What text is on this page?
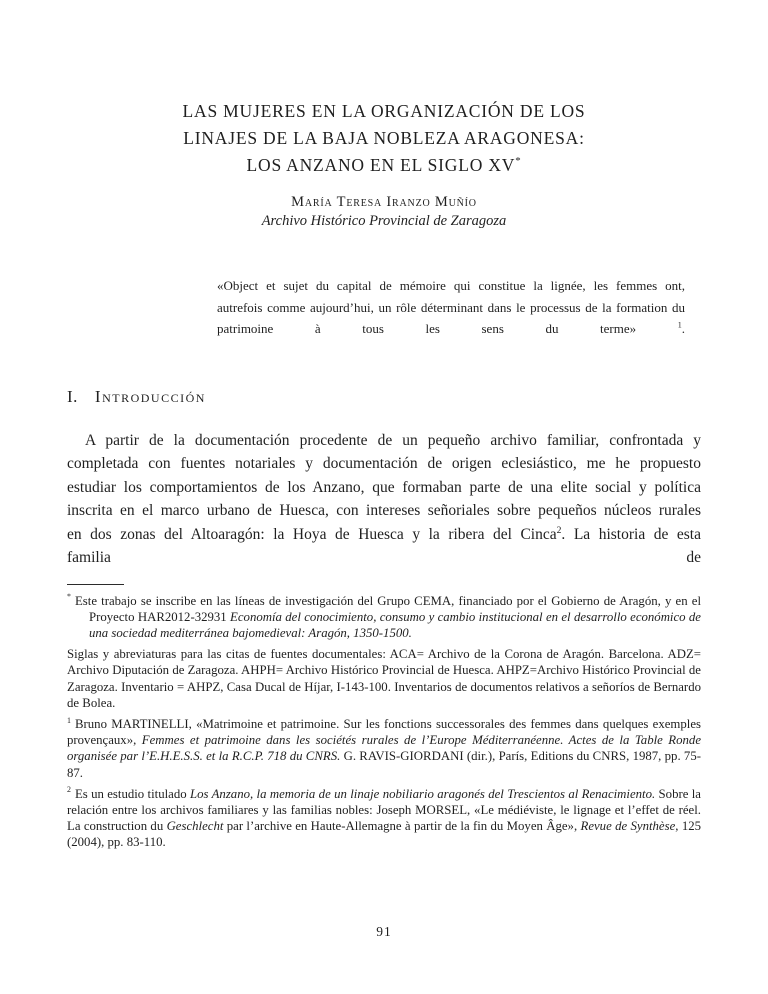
LAS MUJERES EN LA ORGANIZACIÓN DE LOS
LINAJES DE LA BAJA NOBLEZA ARAGONESA:
LOS ANZANO EN EL SIGLO XV*
María Teresa Iranzo Muñío
Archivo Histórico Provincial de Zaragoza
«Object et sujet du capital de mémoire qui constitue la lignée, les femmes ont, autrefois comme aujourd’hui, un rôle déterminant dans le processus de la formation du patrimoine à tous les sens du terme» $^1$.
I. Introducción

A partir de la documentación procedente de un pequeño archivo familiar, confrontada y completada con fuentes notariales y documentación de origen eclesiástico, me he propuesto estudiar los comportamientos de los Anzano, que formaban parte de una elite social y política inscrita en el marco urbano de Huesca, con intereses señoriales sobre pequeños núcleos rurales en dos zonas del Altoaragón: la Hoya de Huesca y la ribera del Cinca$^2$. La historia de esta familia de

* Este trabajo se inscribe en las líneas de investigación del Grupo CEMA, financiado por el Gobierno de Aragón, y en el Proyecto HAR2012-32931 Economía del conocimiento, consumo y cambio institucional en el desarrollo económico de una sociedad mediterránea bajomedieval: Aragón, 1350-1500.

Siglas y abreviaturas para las citas de fuentes documentales: ACA= Archivo de la Corona de Aragón. Barcelona. ADZ= Archivo Diputación de Zaragoza. AHPH= Archivo Histórico Provincial de Huesca. AHPZ=Archivo Histórico Provincial de Zaragoza. Inventario = AHPZ, Casa Ducal de Híjar, I-143-100. Inventarios de documentos relativos a señoríos de Bernardo de Bolea.

$^1$ Bruno MARTINELLI, «Matrimoine et patrimoine. Sur les fonctions successorales des femmes dans quelques exemples provençaux», Femmes et patrimoine dans les sociétés rurales de l’Europe Méditerranéenne. Actes de la Table Ronde organisée par l’E.H.E.S.S. et la R.C.P. 718 du CNRS. G. RAVIS-GIORDANI (dir.), París, Editions du CNRS, 1987, pp. 75-87.

$^2$ Es un estudio titulado Los Anzano, la memoria de un linaje nobiliario aragonés del Trescientos al Renacimiento. Sobre la relación entre los archivos familiares y las familias nobles: Joseph MORSEL, «Le médiéviste, le lignage et l’effet de réel. La construction du Geschlecht par l’archive en Haute-Allemagne à partir de la fin du Moyen Âge», Revue de Synthèse, 125 (2004), pp. 83-110.

91
